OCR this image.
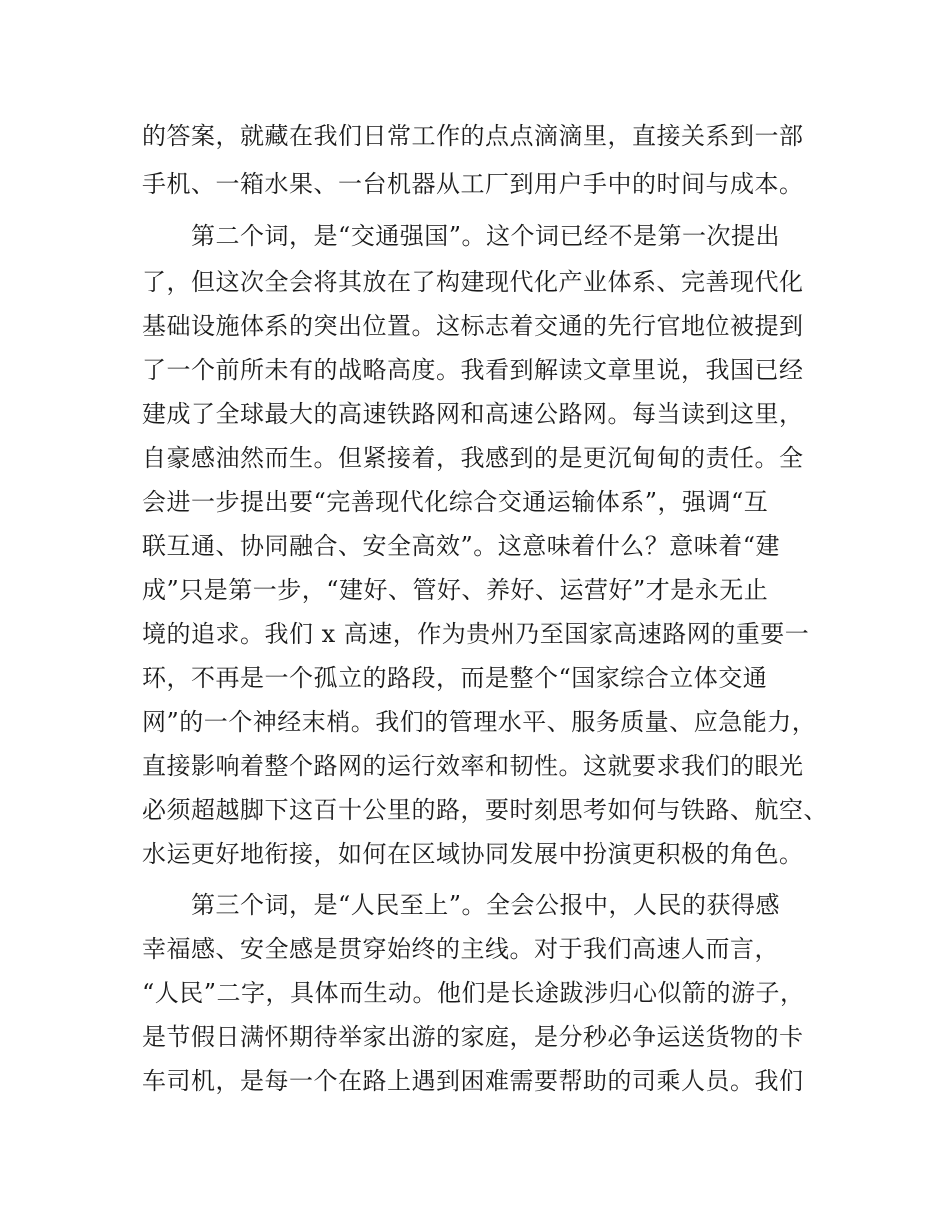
的答案，就藏在我们日常工作的点点滴滴里，直接关系到一部
手机、一箱水果、一台机器从工厂到用户手中的时间与成本。
　　第二个词，是“交通强国”。这个词已经不是第一次提出
了，但这次全会将其放在了构建现代化产业体系、完善现代化
基础设施体系的突出位置。这标志着交通的先行官地位被提到
了一个前所未有的战略高度。我看到解读文章里说，我国已经
建成了全球最大的高速铁路网和高速公路网。每当读到这里，
自豪感油然而生。但紧接着，我感到的是更沉甸甸的责任。全
会进一步提出要“完善现代化综合交通运输体系”，强调“互
联互通、协同融合、安全高效”。这意味着什么？意味着“建
成”只是第一步，“建好、管好、养好、运营好”才是永无止
境的追求。我们 x 高速，作为贵州乃至国家高速路网的重要一
环，不再是一个孤立的路段，而是整个“国家综合立体交通
网”的一个神经末梢。我们的管理水平、服务质量、应急能力，
直接影响着整个路网的运行效率和韧性。这就要求我们的眼光
必须超越脚下这百十公里的路，要时刻思考如何与铁路、航空、
水运更好地衔接，如何在区域协同发展中扮演更积极的角色。
　　第三个词，是“人民至上”。全会公报中，人民的获得感
幸福感、安全感是贯穿始终的主线。对于我们高速人而言，
“人民”二字，具体而生动。他们是长途跋涉归心似箭的游子，
是节假日满怀期待举家出游的家庭，是分秒必争运送货物的卡
车司机，是每一个在路上遇到困难需要帮助的司乘人员。我们
